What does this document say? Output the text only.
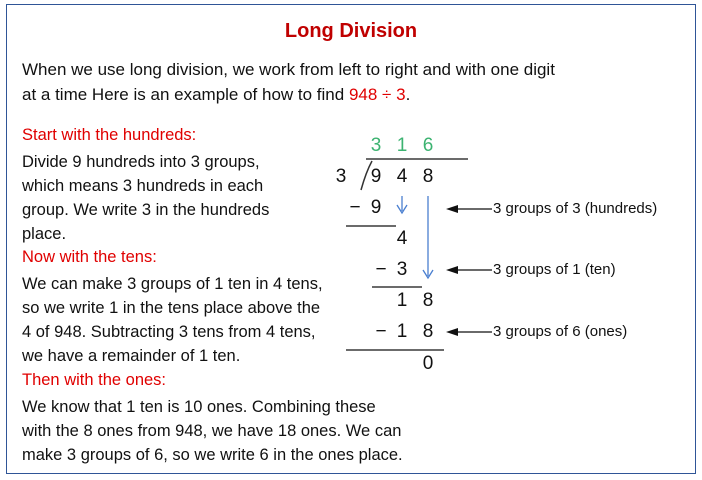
Long Division
When we use long division, we work from left to right and with one digit
at a time Here is an example of how to find 948 ÷ 3.
Start with the hundreds:
Divide 9 hundreds into 3 groups,
which means 3 hundreds in each
group. We write 3 in the hundreds
place.
Now with the tens:
We can make 3 groups of 1 ten in 4 tens,
so we write 1 in the tens place above the
4 of 948. Subtracting 3 tens from 4 tens,
we have a remainder of 1 ten.
Then with the ones:
We know that 1 ten is 10 ones. Combining these
with the 8 ones from 948, we have 18 ones. We can
make 3 groups of 6, so we write 6 in the ones place.
3 1 6
3	9 4 8
− 9
4
− 3
1 8
− 1 8
0
3 groups of 3 (hundreds)
3 groups of 1 (ten)
3 groups of 6 (ones)
